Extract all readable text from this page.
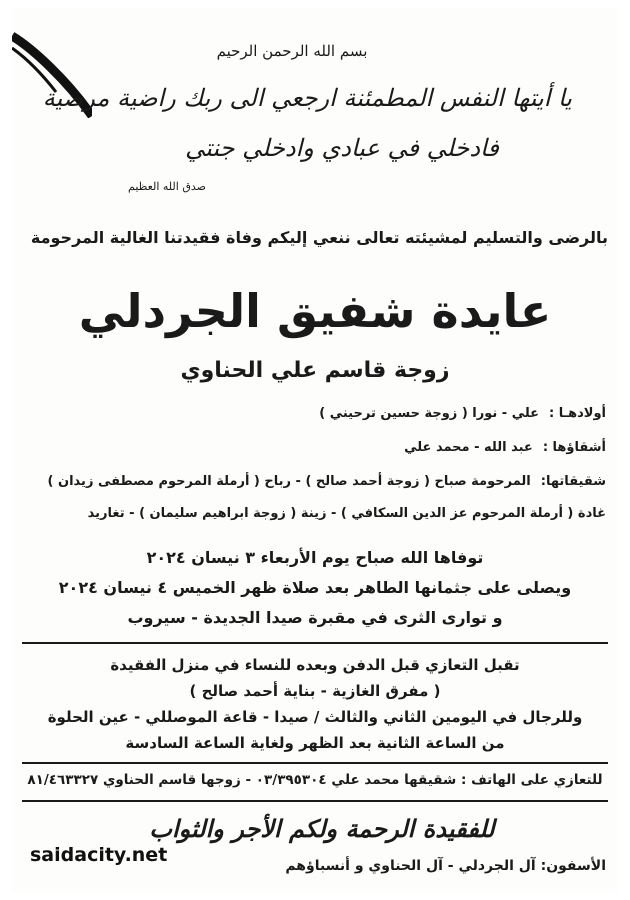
بسم الله الرحمن الرحيم
يا أيتها النفس المطمئنة ارجعي الى ربك راضية مرضية
فادخلي في عبادي وادخلي جنتي
صدق الله العظيم
بالرضى والتسليم لمشيئته تعالى ننعي إليكم وفاة فقيدتنا الغالية المرحومة
عايدة شفيق الجردلي
زوجة قاسم علي الحناوي
أولادهـا :علي - نورا ( زوجة حسين ترحيني )
أشقاؤها :عبد الله - محمد علي
شقيقاتها:المرحومة صباح ( زوجة أحمد صالح ) - رباح ( أرملة المرحوم مصطفى زيدان )
غادة ( أرملة المرحوم عز الدين السكافي ) - زينة ( زوجة ابراهيم سليمان ) - تغاريد
توفاها الله صباح يوم الأربعاء ٣ نيسان ٢٠٢٤
ويصلى على جثمانها الطاهر بعد صلاة ظهر الخميس ٤ نيسان ٢٠٢٤
و توارى الثرى في مقبرة صيدا الجديدة - سيروب
تقبل التعازي قبل الدفن وبعده للنساء في منزل الفقيدة
( مفرق الغازية - بناية أحمد صالح )
وللرجال في اليومين الثاني والثالث / صيدا - قاعة الموصللي - عين الحلوة
من الساعة الثانية بعد الظهر ولغاية الساعة السادسة
للتعازي على الهاتف : شقيقها محمد علي ٠٣/٣٩٥٣٠٤ - زوجها قاسم الحناوي ٨١/٤٦٣٣٢٧
للفقيدة الرحمة ولكم الأجر والثواب
الأسفون: آل الجردلي - آل الحناوي و أنسباؤهم
saidacity.net
